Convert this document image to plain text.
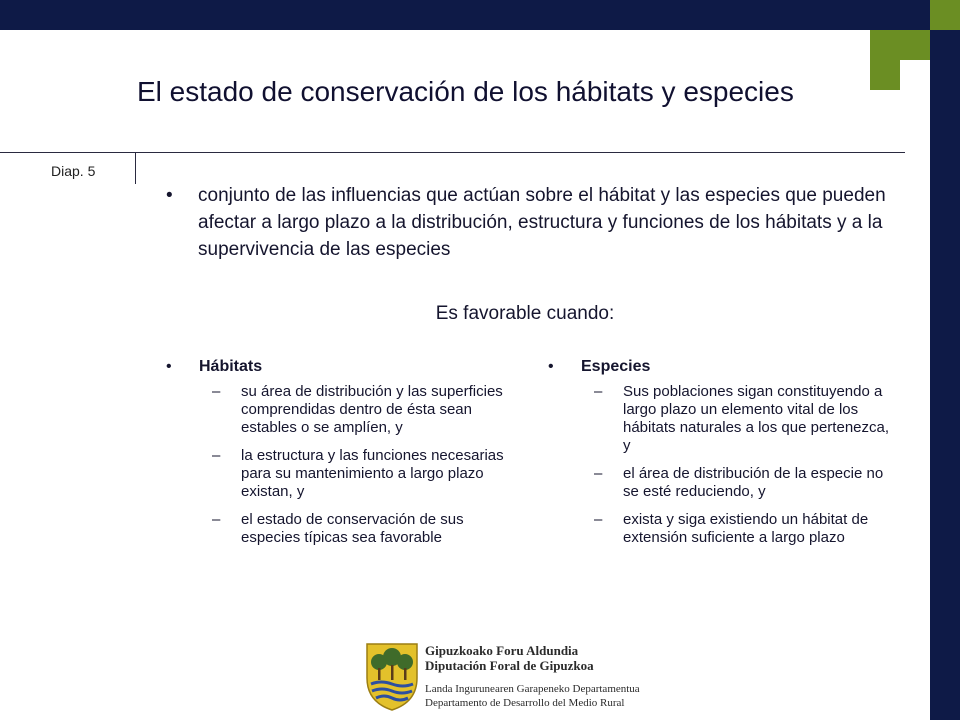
El estado de conservación de los hábitats y especies
Diap. 5
•	conjunto de las influencias que actúan sobre el hábitat y las especies que pueden afectar a largo plazo a la distribución, estructura y funciones de los hábitats y a la supervivencia de las especies
Es favorable cuando:
• Hábitats
– su área de distribución y las superficies comprendidas dentro de ésta sean estables o se amplíen, y
– la estructura y las funciones necesarias para su mantenimiento a largo plazo existan, y
– el estado de conservación de sus especies típicas sea favorable
• Especies
– Sus poblaciones sigan constituyendo a largo plazo un elemento vital de los hábitats naturales a los que pertenezca, y
– el área de distribución de la especie no se esté reduciendo, y
– exista y siga existiendo un hábitat de extensión suficiente a largo plazo
Gipuzkoako Foru Aldundia
Diputación Foral de Gipuzkoa
Landa Ingurunearen Garapeneko Departamentua
Departamento de Desarrollo del Medio Rural
